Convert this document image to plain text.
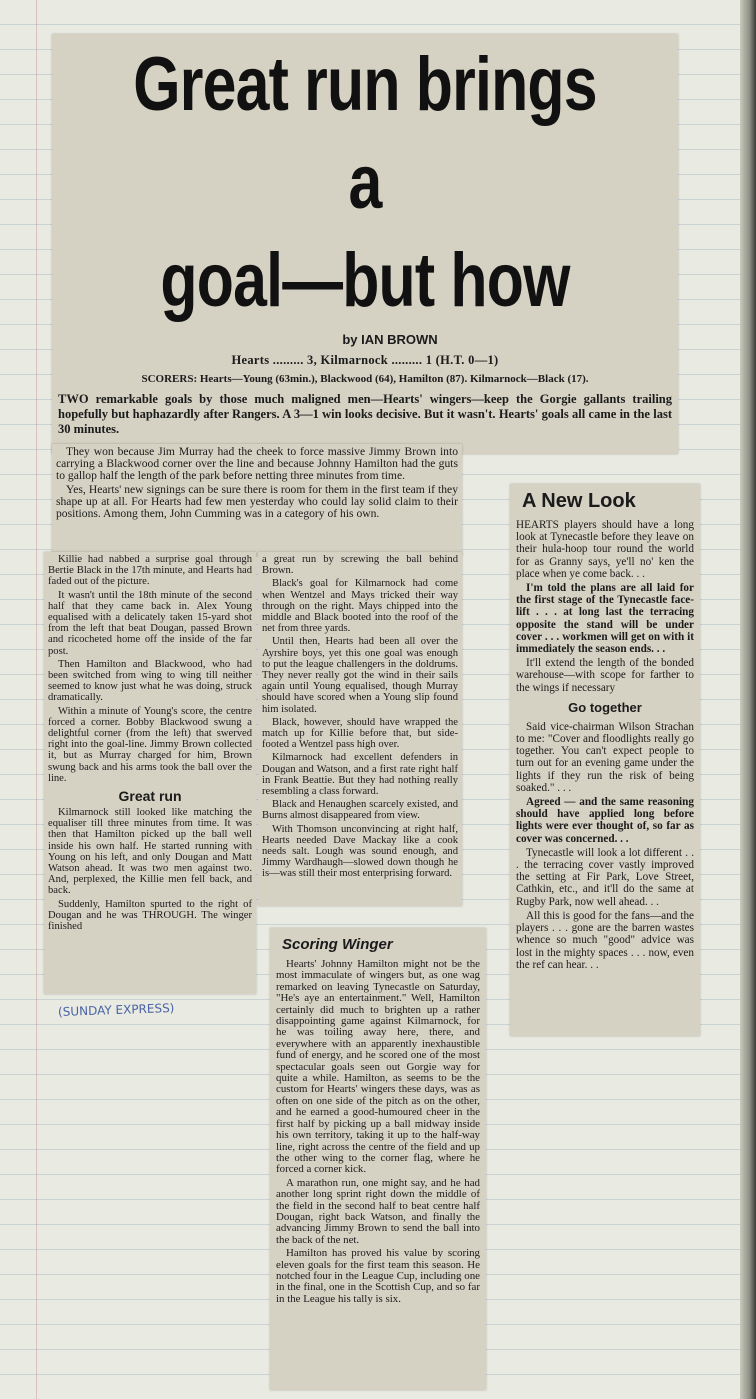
Great run brings a
goal—but how
by IAN BROWN
Hearts ......... 3, Kilmarnock ......... 1 (H.T. 0—1)
SCORERS: Hearts—Young (63min.), Blackwood (64), Hamilton (87). Kilmarnock—Black (17).
TWO remarkable goals by those much maligned men—Hearts' wingers—keep the Gorgie gallants trailing hopefully but haphazardly after Rangers. A 3—1 win looks decisive. But it wasn't. Hearts' goals all came in the last 30 minutes.

They won because Jim Murray had the cheek to force massive Jimmy Brown into carrying a Blackwood corner over the line and because Johnny Hamilton had the guts to gallop half the length of the park before netting three minutes from time.

Yes, Hearts' new signings can be sure there is room for them in the first team if they shape up at all. For Hearts had few men yesterday who could lay solid claim to their positions. Among them, John Cumming was in a category of his own.

Killie had nabbed a surprise goal through Bertie Black in the 17th minute, and Hearts had faded out of the picture.

It wasn't until the 18th minute of the second half that they came back in. Alex Young equalised with a delicately taken 15-yard shot from the left that beat Dougan, passed Brown and ricocheted home off the inside of the far post.

Then Hamilton and Blackwood, who had been switched from wing to wing till neither seemed to know just what he was doing, struck dramatically.

Within a minute of Young's score, the centre forced a corner. Bobby Blackwood swung a delightful corner (from the left) that swerved right into the goal-line. Jimmy Brown collected it, but as Murray charged for him, Brown swung back and his arms took the ball over the line.

Great run

Kilmarnock still looked like matching the equaliser till three minutes from time. It was then that Hamilton picked up the ball well inside his own half. He started running with Young on his left, and only Dougan and Matt Watson ahead. It was two men against two. And, perplexed, the Killie men fell back, and back.

Suddenly, Hamilton spurted to the right of Dougan and he was THROUGH. The winger finished

a great run by screwing the ball behind Brown.

Black's goal for Kilmarnock had come when Wentzel and Mays tricked their way through on the right. Mays chipped into the middle and Black booted into the roof of the net from three yards.

Until then, Hearts had been all over the Ayrshire boys, yet this one goal was enough to put the league challengers in the doldrums. They never really got the wind in their sails again until Young equalised, though Murray should have scored when a Young slip found him isolated.

Black, however, should have wrapped the match up for Killie before that, but side-footed a Wentzel pass high over.

Kilmarnock had excellent defenders in Dougan and Watson, and a first rate right half in Frank Beattie. But they had nothing really resembling a class forward.

Black and Henaughen scarcely existed, and Burns almost disappeared from view.

With Thomson unconvincing at right half, Hearts needed Dave Mackay like a cook needs salt. Lough was sound enough, and Jimmy Wardhaugh—slowed down though he is—was still their most enterprising forward.

A New Look

HEARTS players should have a long look at Tynecastle before they leave on their hula-hoop tour round the world for as Granny says, ye'll no' ken the place when ye come back. . .

I'm told the plans are all laid for the first stage of the Tynecastle face-lift . . . at long last the terracing opposite the stand will be under cover . . . workmen will get on with it immediately the season ends. . .

It'll extend the length of the bonded warehouse—with scope for farther to the wings if necessary

Go together

Said vice-chairman Wilson Strachan to me: "Cover and floodlights really go together. You can't expect people to turn out for an evening game under the lights if they run the risk of being soaked." . . .

Agreed — and the same reasoning should have applied long before lights were ever thought of, so far as cover was concerned. . .

Tynecastle will look a lot different . . . the terracing cover vastly improved the setting at Fir Park, Love Street, Cathkin, etc., and it'll do the same at Rugby Park, now well ahead. . .

All this is good for the fans—and the players . . . gone are the barren wastes whence so much "good" advice was lost in the mighty spaces . . . now, even the ref can hear. . .

Scoring Winger

Hearts' Johnny Hamilton might not be the most immaculate of wingers but, as one wag remarked on leaving Tynecastle on Saturday, "He's aye an entertainment." Well, Hamilton certainly did much to brighten up a rather disappointing game against Kilmarnock, for he was toiling away here, there, and everywhere with an apparently inexhaustible fund of energy, and he scored one of the most spectacular goals seen out Gorgie way for quite a while. Hamilton, as seems to be the custom for Hearts' wingers these days, was as often on one side of the pitch as on the other, and he earned a good-humoured cheer in the first half by picking up a ball midway inside his own territory, taking it up to the half-way line, right across the centre of the field and up the other wing to the corner flag, where he forced a corner kick.

A marathon run, one might say, and he had another long sprint right down the middle of the field in the second half to beat centre half Dougan, right back Watson, and finally the advancing Jimmy Brown to send the ball into the back of the net.

Hamilton has proved his value by scoring eleven goals for the first team this season. He notched four in the League Cup, including one in the final, one in the Scottish Cup, and so far in the League his tally is six.

(SUNDAY EXPRESS)
